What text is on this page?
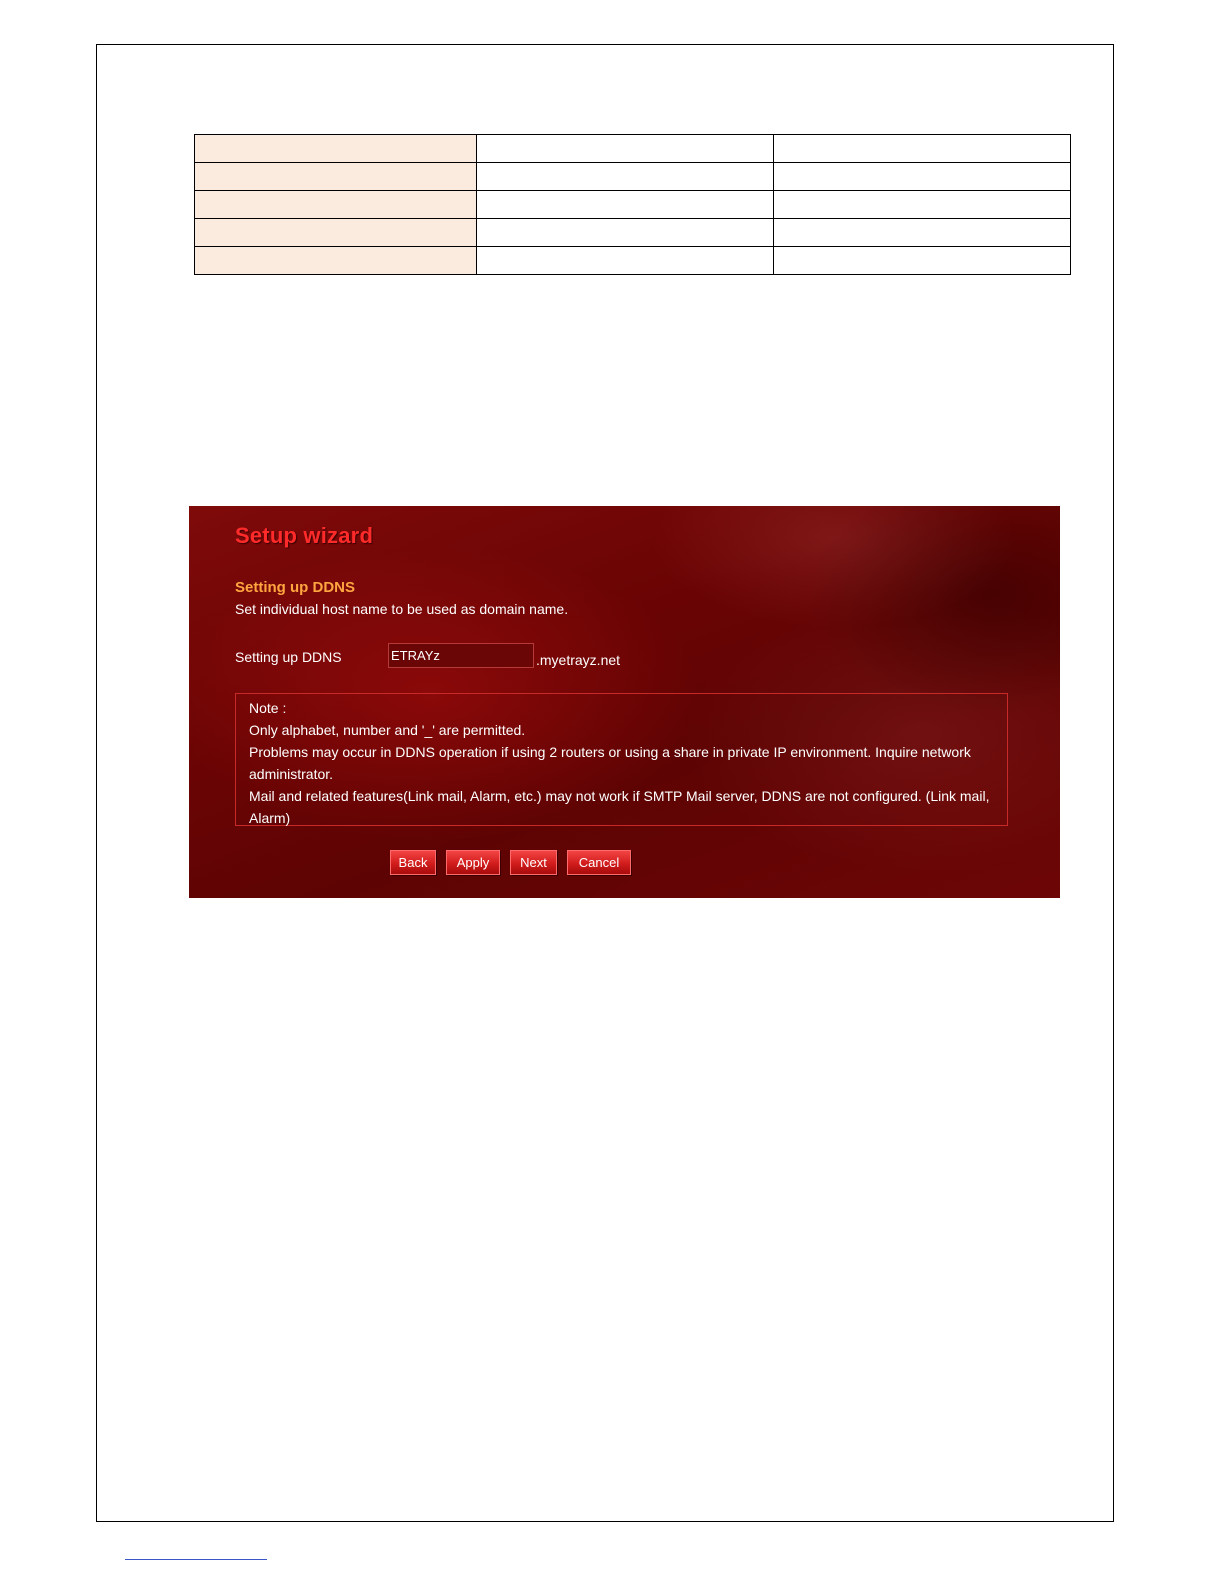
Setup wizard
Setting up DDNS
Set individual host name to be used as domain name.
Setting up DDNS
ETRAYz	.myetrayz.net
Note :
Only alphabet, number and '_' are permitted.
Problems may occur in DDNS operation if using 2 routers or using a share in private IP environment. Inquire network administrator.
Mail and related features(Link mail, Alarm, etc.) may not work if SMTP Mail server, DDNS are not configured. (Link mail, Alarm)
Back	Apply	Next	Cancel
